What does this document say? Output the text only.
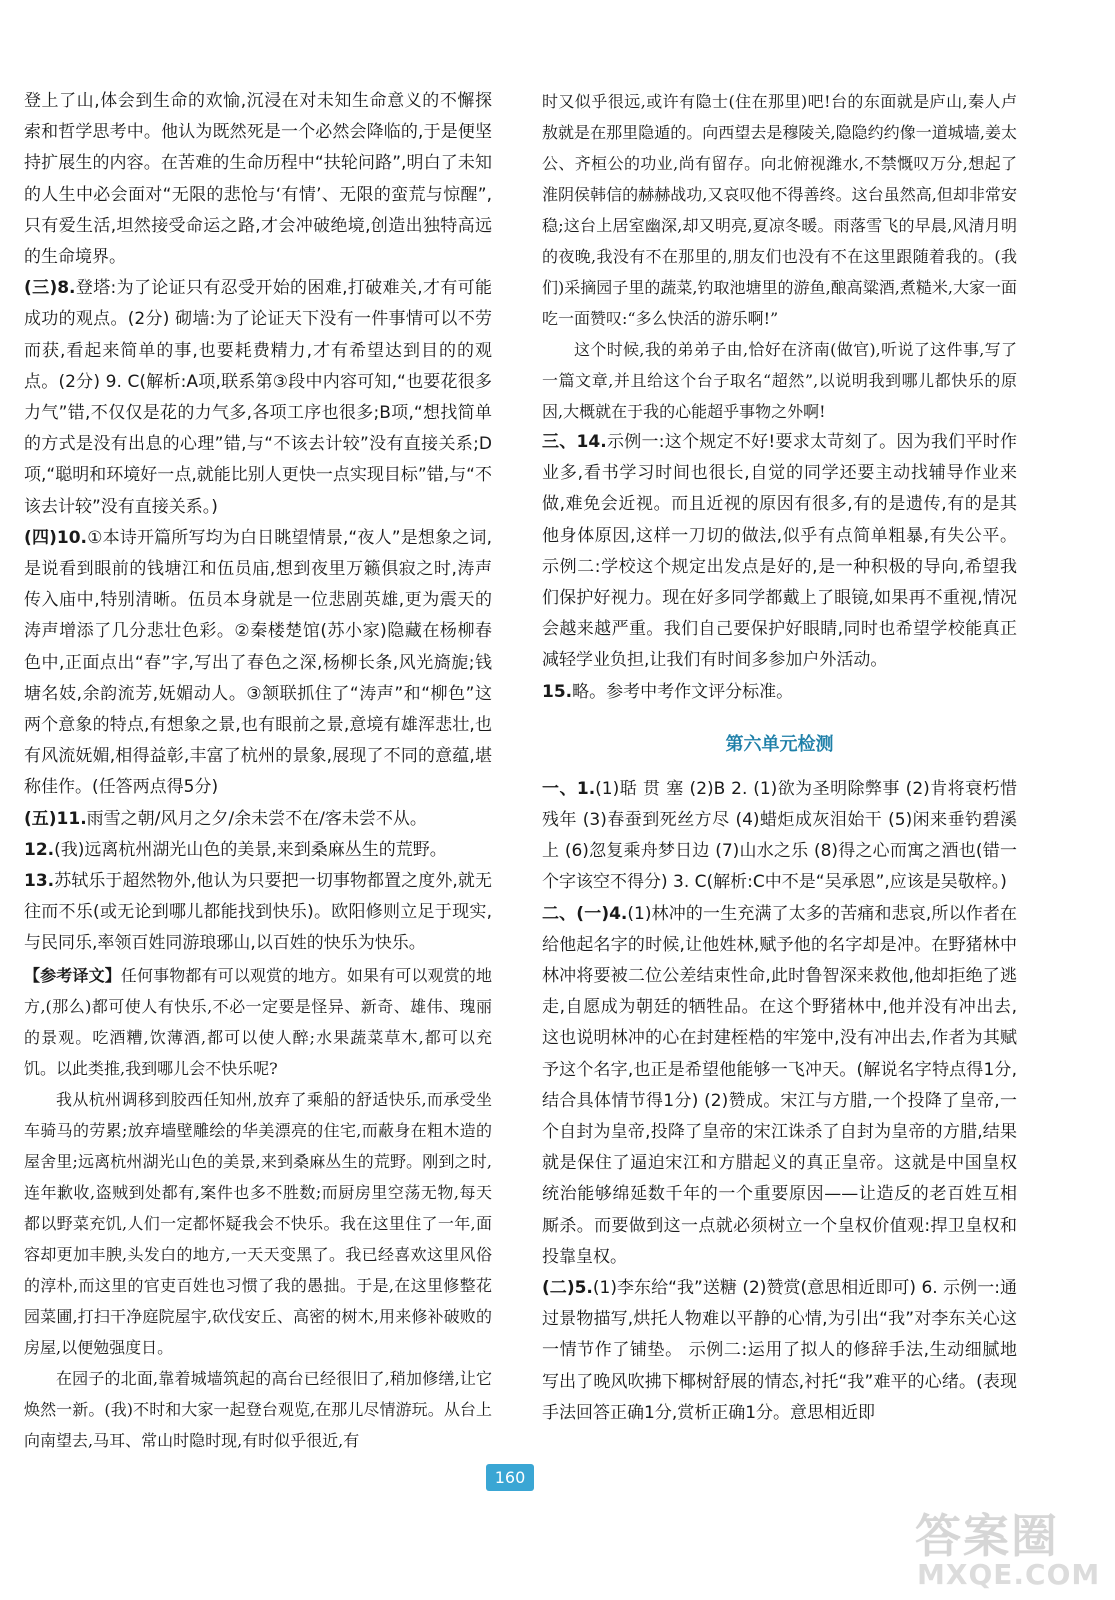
登上了山,体会到生命的欢愉,沉浸在对未知生命意义的不懈探索和哲学思考中。他认为既然死是一个必然会降临的,于是便坚持扩展生的内容。在苦难的生命历程中“扶轮问路”,明白了未知的人生中必会面对“无限的悲怆与‘有情’、无限的蛮荒与惊醒”,只有爱生活,坦然接受命运之路,才会冲破绝境,创造出独特高远的生命境界。

(三)8.登塔:为了论证只有忍受开始的困难,打破难关,才有可能成功的观点。(2分) 砌墙:为了论证天下没有一件事情可以不劳而获,看起来简单的事,也要耗费精力,才有希望达到目的的观点。(2分) 9. C(解析:A项,联系第③段中内容可知,“也要花很多力气”错,不仅仅是花的力气多,各项工序也很多;B项,“想找简单的方式是没有出息的心理”错,与“不该去计较”没有直接关系;D项,“聪明和环境好一点,就能比别人更快一点实现目标”错,与“不该去计较”没有直接关系。)

(四)10.①本诗开篇所写均为白日眺望情景,“夜人”是想象之词,是说看到眼前的钱塘江和伍员庙,想到夜里万籁俱寂之时,涛声传入庙中,特别清晰。伍员本身就是一位悲剧英雄,更为震天的涛声增添了几分悲壮色彩。②秦楼楚馆(苏小家)隐藏在杨柳春色中,正面点出“春”字,写出了春色之深,杨柳长条,风光旖旎;钱塘名妓,余韵流芳,妩媚动人。③颔联抓住了“涛声”和“柳色”这两个意象的特点,有想象之景,也有眼前之景,意境有雄浑悲壮,也有风流妩媚,相得益彰,丰富了杭州的景象,展现了不同的意蕴,堪称佳作。(任答两点得5分)

(五)11.雨雪之朝/风月之夕/余未尝不在/客未尝不从。

12.(我)远离杭州湖光山色的美景,来到桑麻丛生的荒野。

13.苏轼乐于超然物外,他认为只要把一切事物都置之度外,就无往而不乐(或无论到哪儿都能找到快乐)。欧阳修则立足于现实,与民同乐,率领百姓同游琅琊山,以百姓的快乐为快乐。

【参考译文】任何事物都有可以观赏的地方。如果有可以观赏的地方,(那么)都可使人有快乐,不必一定要是怪异、新奇、雄伟、瑰丽的景观。吃酒糟,饮薄酒,都可以使人醉;水果蔬菜草木,都可以充饥。以此类推,我到哪儿会不快乐呢?

我从杭州调移到胶西任知州,放弃了乘船的舒适快乐,而承受坐车骑马的劳累;放弃墙壁雕绘的华美漂亮的住宅,而蔽身在粗木造的屋舍里;远离杭州湖光山色的美景,来到桑麻丛生的荒野。刚到之时,连年歉收,盗贼到处都有,案件也多不胜数;而厨房里空荡无物,每天都以野菜充饥,人们一定都怀疑我会不快乐。我在这里住了一年,面容却更加丰腴,头发白的地方,一天天变黑了。我已经喜欢这里风俗的淳朴,而这里的官吏百姓也习惯了我的愚拙。于是,在这里修整花园菜圃,打扫干净庭院屋宇,砍伐安丘、高密的树木,用来修补破败的房屋,以便勉强度日。

在园子的北面,靠着城墙筑起的高台已经很旧了,稍加修缮,让它焕然一新。(我)不时和大家一起登台观览,在那儿尽情游玩。从台上向南望去,马耳、常山时隐时现,有时似乎很近,有

时又似乎很远,或许有隐士(住在那里)吧!台的东面就是庐山,秦人卢敖就是在那里隐遁的。向西望去是穆陵关,隐隐约约像一道城墙,姜太公、齐桓公的功业,尚有留存。向北俯视潍水,不禁慨叹万分,想起了淮阴侯韩信的赫赫战功,又哀叹他不得善终。这台虽然高,但却非常安稳;这台上居室幽深,却又明亮,夏凉冬暖。雨落雪飞的早晨,风清月明的夜晚,我没有不在那里的,朋友们也没有不在这里跟随着我的。(我们)采摘园子里的蔬菜,钓取池塘里的游鱼,酿高粱酒,煮糙米,大家一面吃一面赞叹:“多么快活的游乐啊!”

这个时候,我的弟弟子由,恰好在济南(做官),听说了这件事,写了一篇文章,并且给这个台子取名“超然”,以说明我到哪儿都快乐的原因,大概就在于我的心能超乎事物之外啊!

三、14.示例一:这个规定不好!要求太苛刻了。因为我们平时作业多,看书学习时间也很长,自觉的同学还要主动找辅导作业来做,难免会近视。而且近视的原因有很多,有的是遗传,有的是其他身体原因,这样一刀切的做法,似乎有点简单粗暴,有失公平。 示例二:学校这个规定出发点是好的,是一种积极的导向,希望我们保护好视力。现在好多同学都戴上了眼镜,如果再不重视,情况会越来越严重。我们自己要保护好眼睛,同时也希望学校能真正减轻学业负担,让我们有时间多参加户外活动。

15.略。参考中考作文评分标准。

第六单元检测

一、1.(1)聒 贯 塞 (2)B 2. (1)欲为圣明除弊事 (2)肯将衰朽惜残年 (3)春蚕到死丝方尽 (4)蜡炬成灰泪始干 (5)闲来垂钓碧溪上 (6)忽复乘舟梦日边 (7)山水之乐 (8)得之心而寓之酒也(错一个字该空不得分) 3. C(解析:C中不是“吴承恩”,应该是吴敬梓。)

二、(一)4.(1)林冲的一生充满了太多的苦痛和悲哀,所以作者在给他起名字的时候,让他姓林,赋予他的名字却是冲。在野猪林中林冲将要被二位公差结束性命,此时鲁智深来救他,他却拒绝了逃走,自愿成为朝廷的牺牲品。在这个野猪林中,他并没有冲出去,这也说明林冲的心在封建桎梏的牢笼中,没有冲出去,作者为其赋予这个名字,也正是希望他能够一飞冲天。(解说名字特点得1分,结合具体情节得1分) (2)赞成。宋江与方腊,一个投降了皇帝,一个自封为皇帝,投降了皇帝的宋江诛杀了自封为皇帝的方腊,结果就是保住了逼迫宋江和方腊起义的真正皇帝。这就是中国皇权统治能够绵延数千年的一个重要原因——让造反的老百姓互相厮杀。而要做到这一点就必须树立一个皇权价值观:捍卫皇权和投靠皇权。

(二)5.(1)李东给“我”送糖 (2)赞赏(意思相近即可) 6. 示例一:通过景物描写,烘托人物难以平静的心情,为引出“我”对李东关心这一情节作了铺垫。 示例二:运用了拟人的修辞手法,生动细腻地写出了晚风吹拂下椰树舒展的情态,衬托“我”难平的心绪。(表现手法回答正确1分,赏析正确1分。意思相近即

160
答案圈
MXQE.COM
